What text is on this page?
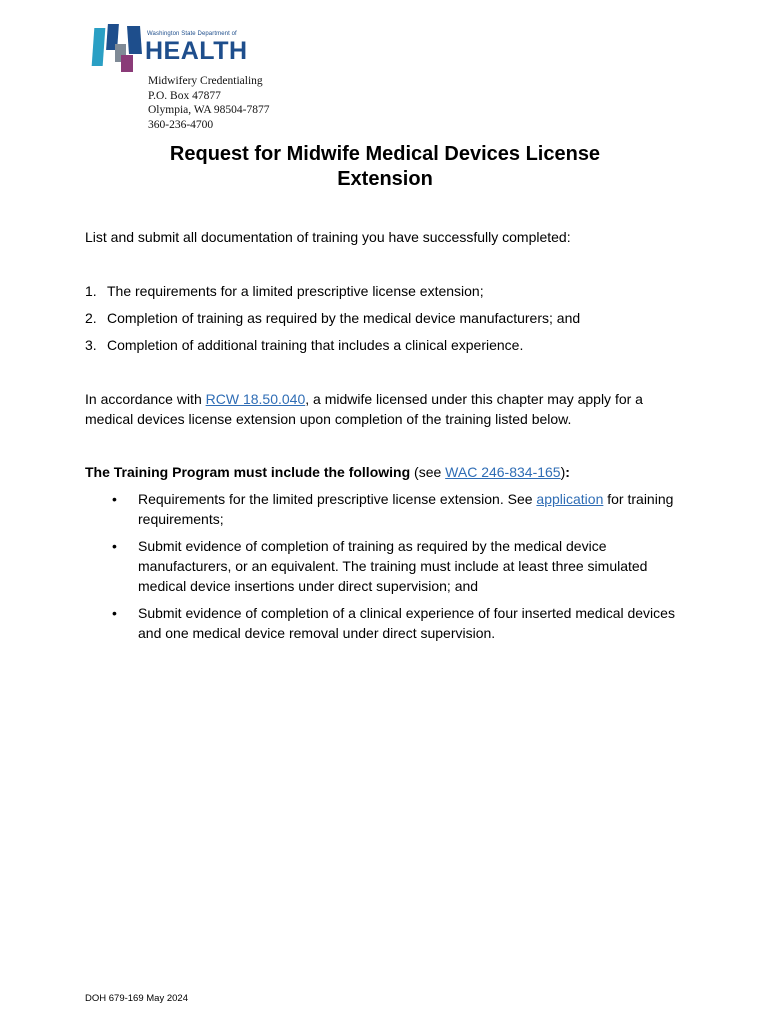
Washington State Department of
HEALTH
Midwifery Credentialing
P.O. Box 47877
Olympia, WA 98504-7877
360-236-4700
Request for Midwife Medical Devices License
Extension
List and submit all documentation of training you have successfully completed:
1. The requirements for a limited prescriptive license extension;
2. Completion of training as required by the medical device manufacturers; and
3. Completion of additional training that includes a clinical experience.
In accordance with RCW 18.50.040, a midwife licensed under this chapter may apply for a medical devices license extension upon completion of the training listed below.
The Training Program must include the following (see WAC 246-834-165):
•	Requirements for the limited prescriptive license extension. See application for training requirements;
•	Submit evidence of completion of training as required by the medical device manufacturers, or an equivalent. The training must include at least three simulated medical device insertions under direct supervision; and
•	Submit evidence of completion of a clinical experience of four inserted medical devices and one medical device removal under direct supervision.
DOH 679-169 May 2024
